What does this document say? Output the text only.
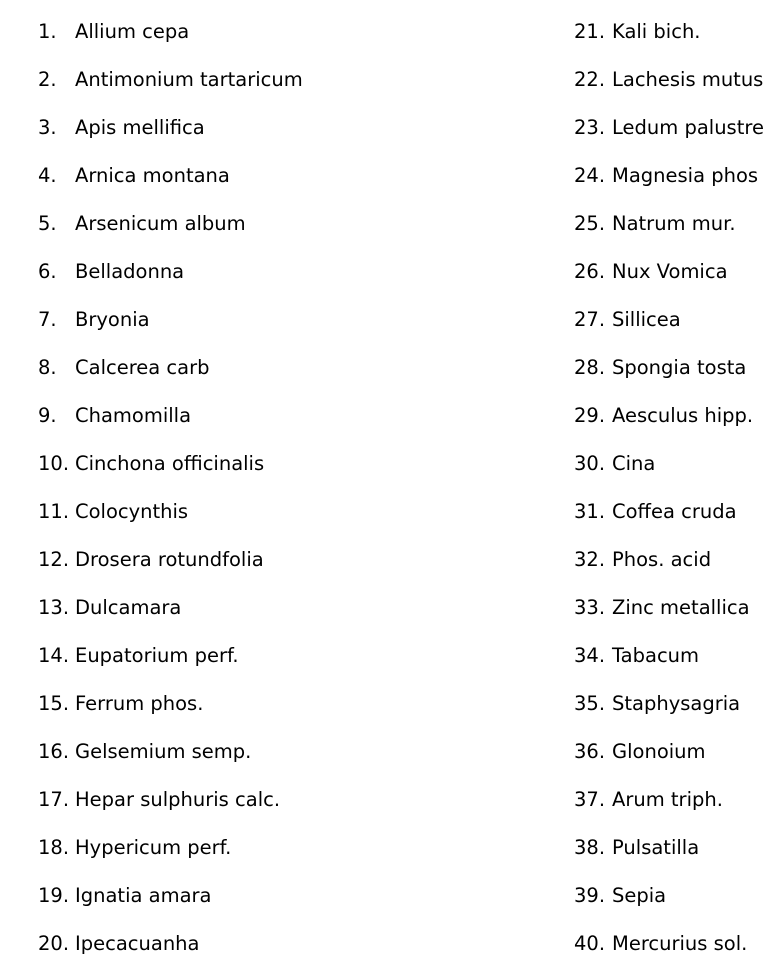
1. Allium cepa
2. Antimonium tartaricum
3. Apis mellifica
4. Arnica montana
5. Arsenicum album
6. Belladonna
7. Bryonia
8. Calcerea carb
9. Chamomilla
10. Cinchona officinalis
11. Colocynthis
12. Drosera rotundfolia
13. Dulcamara
14. Eupatorium perf.
15. Ferrum phos.
16. Gelsemium semp.
17. Hepar sulphuris calc.
18. Hypericum perf.
19. Ignatia amara
20. Ipecacuanha
21. Kali bich.
22. Lachesis mutus
23. Ledum palustre
24. Magnesia phos
25. Natrum mur.
26. Nux Vomica
27. Sillicea
28. Spongia tosta
29. Aesculus hipp.
30. Cina
31. Coffea cruda
32. Phos. acid
33. Zinc metallica
34. Tabacum
35. Staphysagria
36. Glonoium
37. Arum triph.
38. Pulsatilla
39. Sepia
40. Mercurius sol.
